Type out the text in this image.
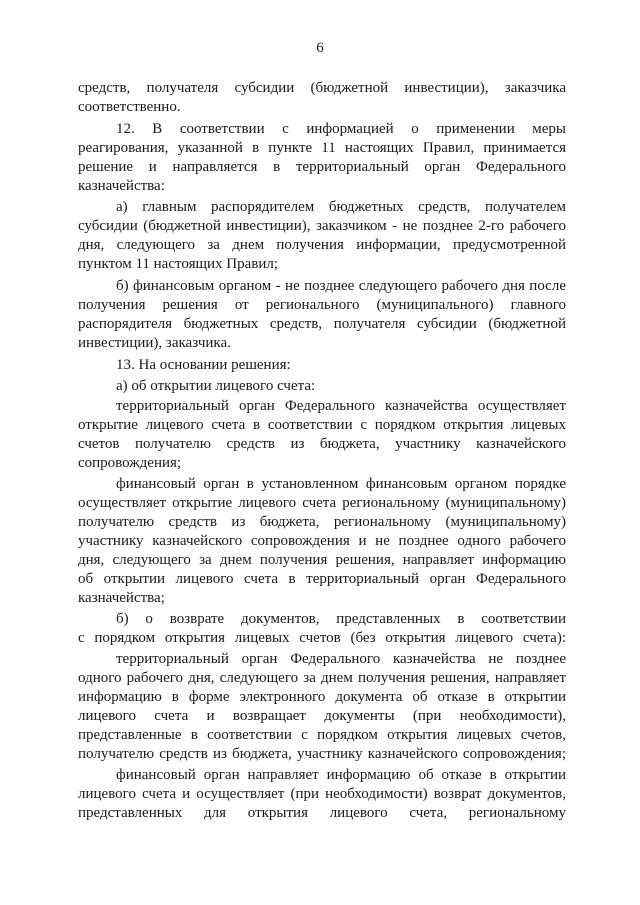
6
средств, получателя субсидии (бюджетной инвестиции), заказчика
соответственно.
12. В соответствии с информацией о применении меры
реагирования, указанной в пункте 11 настоящих Правил, принимается
решение и направляется в территориальный орган Федерального
казначейства:
а) главным распорядителем бюджетных средств, получателем
субсидии (бюджетной инвестиции), заказчиком - не позднее 2-го рабочего
дня, следующего за днем получения информации, предусмотренной
пунктом 11 настоящих Правил;
б) финансовым органом - не позднее следующего рабочего дня после
получения решения от регионального (муниципального) главного
распорядителя бюджетных средств, получателя субсидии (бюджетной
инвестиции), заказчика.
13. На основании решения:
а) об открытии лицевого счета:
территориальный орган Федерального казначейства осуществляет
открытие лицевого счета в соответствии с порядком открытия лицевых
счетов получателю средств из бюджета, участнику казначейского
сопровождения;
финансовый орган в установленном финансовым органом порядке
осуществляет открытие лицевого счета региональному (муниципальному)
получателю средств из бюджета, региональному (муниципальному)
участнику казначейского сопровождения и не позднее одного рабочего
дня, следующего за днем получения решения, направляет информацию
об открытии лицевого счета в территориальный орган Федерального
казначейства;
б) о возврате документов, представленных в соответствии
с порядком открытия лицевых счетов (без открытия лицевого счета):
территориальный орган Федерального казначейства не позднее
одного рабочего дня, следующего за днем получения решения, направляет
информацию в форме электронного документа об отказе в открытии
лицевого счета и возвращает документы (при необходимости),
представленные в соответствии с порядком открытия лицевых счетов,
получателю средств из бюджета, участнику казначейского сопровождения;
финансовый орган направляет информацию об отказе в открытии
лицевого счета и осуществляет (при необходимости) возврат документов,
представленных для открытия лицевого счета, региональному
